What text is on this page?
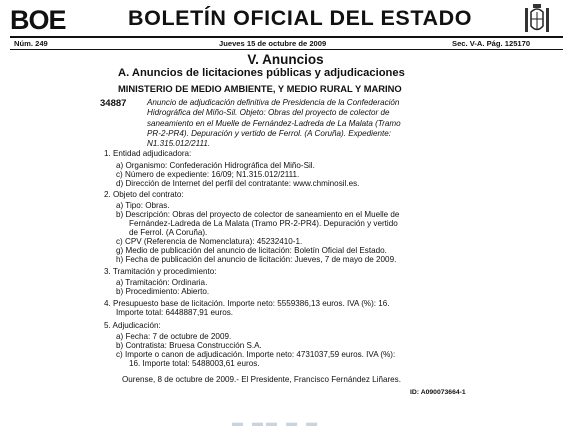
BOE	BOLETÍN OFICIAL DEL ESTADO
Núm. 249	Jueves 15 de octubre de 2009	Sec. V-A. Pág. 125170
V. Anuncios
A. Anuncios de licitaciones públicas y adjudicaciones
MINISTERIO DE MEDIO AMBIENTE, Y MEDIO RURAL Y MARINO
34887	Anuncio de adjudicación definitiva de Presidencia de la Confederación
Hidrográfica del Miño-Sil. Objeto: Obras del proyecto de colector de
saneamiento en el Muelle de Fernández-Ladreda de La Malata (Tramo
PR-2-PR4). Depuración y vertido de Ferrol. (A Coruña). Expediente:
N1.315.012/2111.
1. Entidad adjudicadora:
a) Organismo: Confederación Hidrográfica del Miño-Sil.
c) Número de expediente: 16/09; N1.315.012/2111.
d) Dirección de Internet del perfil del contratante: www.chminosil.es.
2. Objeto del contrato:
a) Tipo: Obras.
b) Descripción: Obras del proyecto de colector de saneamiento en el Muelle de
Fernández-Ladreda de La Malata (Tramo PR-2-PR4). Depuración y vertido
de Ferrol. (A Coruña).
c) CPV (Referencia de Nomenclatura): 45232410-1.
g) Medio de publicación del anuncio de licitación: Boletín Oficial del Estado.
h) Fecha de publicación del anuncio de licitación: Jueves, 7 de mayo de 2009.
3. Tramitación y procedimiento:
a) Tramitación: Ordinaria.
b) Procedimiento: Abierto.
4. Presupuesto base de licitación. Importe neto: 5559386,13 euros. IVA (%): 16.
Importe total: 6448887,91 euros.
5. Adjudicación:
a) Fecha: 7 de octubre de 2009.
b) Contratista: Bruesa Construcción S.A.
c) Importe o canon de adjudicación. Importe neto: 4731037,59 euros. IVA (%):
16. Importe total: 5488003,61 euros.
Ourense, 8 de octubre de 2009.- El Presidente, Francisco Fernández Liñares.
ID: A090073664-1
▬ ▬▬ ▬ ▬
